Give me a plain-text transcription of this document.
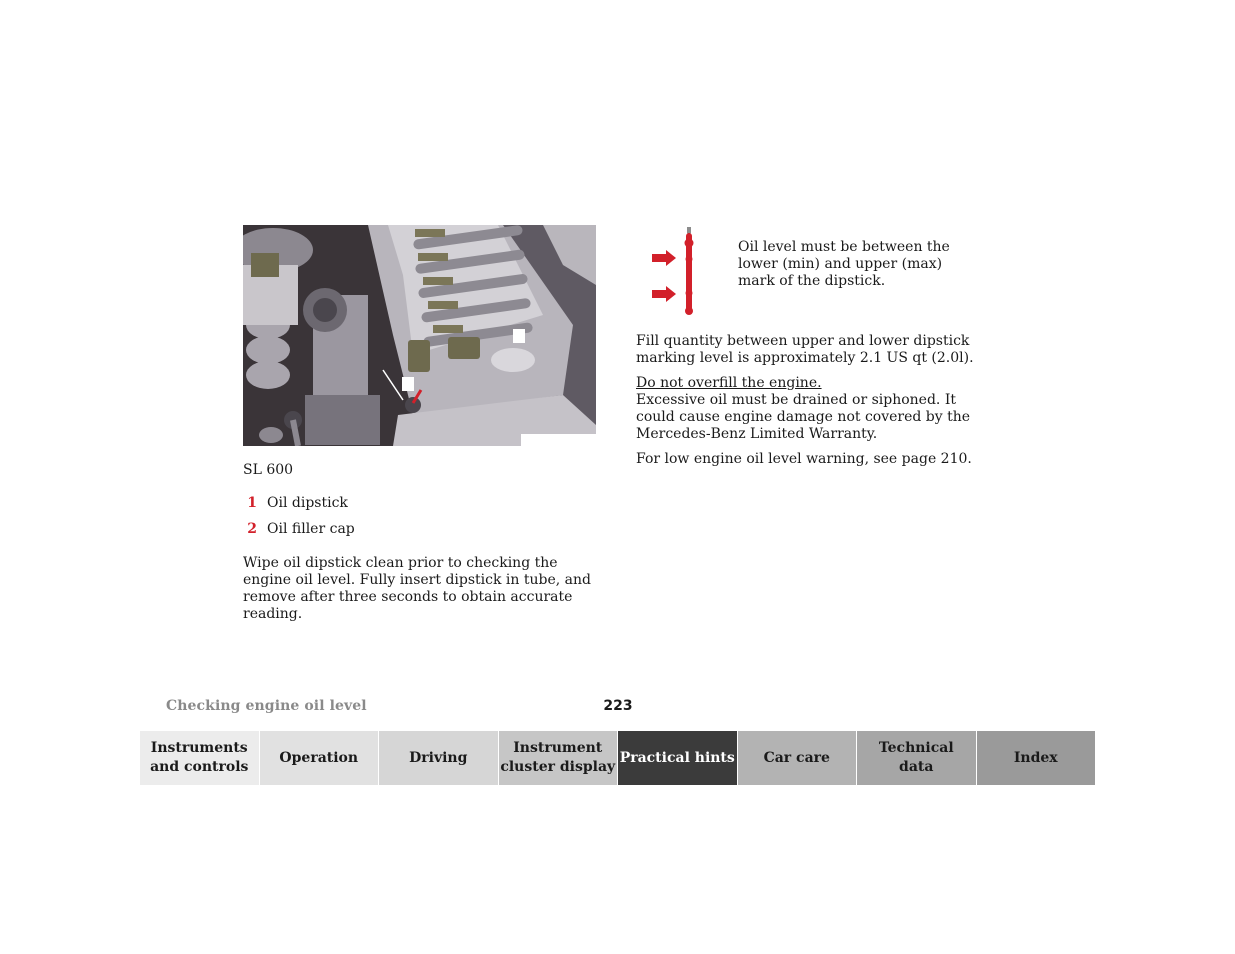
SL 600
1 Oil dipstick
2 Oil filler cap
Wipe oil dipstick clean prior to checking the engine oil level. Fully insert dipstick in tube, and remove after three seconds to obtain accurate reading.
Oil level must be between the lower (min) and upper (max) mark of the dipstick.
Fill quantity between upper and lower dipstick marking level is approximately 2.1 US qt (2.0l).
Do not overfill the engine.
Excessive oil must be drained or siphoned. It could cause engine damage not covered by the Mercedes-Benz Limited Warranty.
For low engine oil level warning, see page 210.
Checking engine oil level	223
Instruments
and controls
Operation	Driving
Instrument
cluster display
Practical hints	Car care
Technical
data
Index
